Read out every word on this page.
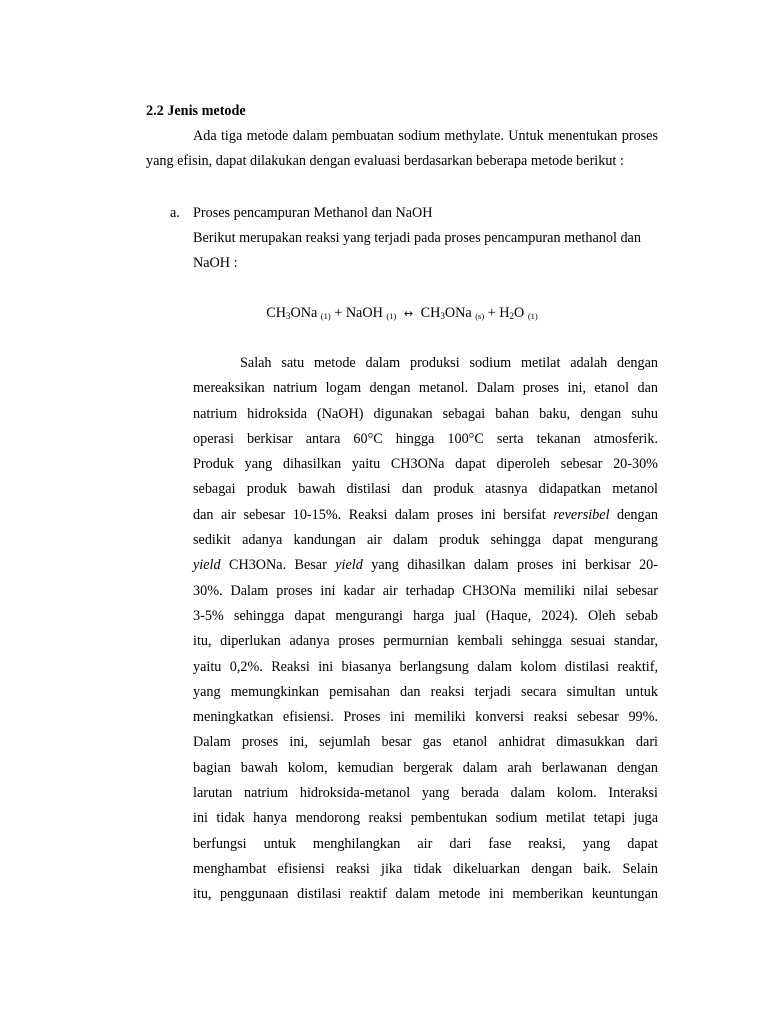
2.2 Jenis metode
Ada tiga metode dalam pembuatan sodium methylate. Untuk menentukan proses yang efisin, dapat dilakukan dengan evaluasi berdasarkan beberapa metode berikut :
a. Proses pencampuran Methanol dan NaOH
Berikut merupakan reaksi yang terjadi pada proses pencampuran methanol dan NaOH :
$CH_3ONa$ (1) + NaOH (1) ↔ $CH_3ONa$ $(s) + H_2O$ (1)
Salah satu metode dalam produksi sodium metilat adalah dengan
mereaksikan natrium logam dengan metanol. Dalam proses ini, etanol dan
natrium hidroksida (NaOH) digunakan sebagai bahan baku, dengan suhu
operasi berkisar antara 60°C hingga 100°C serta tekanan atmosferik.
Produk yang dihasilkan yaitu CH3ONa dapat diperoleh sebesar 20-30%
sebagai produk bawah distilasi dan produk atasnya didapatkan metanol
dan air sebesar 10-15%. Reaksi dalam proses ini bersifat reversibel dengan
sedikit adanya kandungan air dalam produk sehingga dapat mengurang
yield CH3ONa. Besar yield yang dihasilkan dalam proses ini berkisar 20-
30%. Dalam proses ini kadar air terhadap CH3ONa memiliki nilai sebesar
3-5% sehingga dapat mengurangi harga jual (Haque, 2024). Oleh sebab
itu, diperlukan adanya proses permurnian kembali sehingga sesuai standar,
yaitu 0,2%. Reaksi ini biasanya berlangsung dalam kolom distilasi reaktif,
yang memungkinkan pemisahan dan reaksi terjadi secara simultan untuk
meningkatkan efisiensi. Proses ini memiliki konversi reaksi sebesar 99%.
Dalam proses ini, sejumlah besar gas etanol anhidrat dimasukkan dari
bagian bawah kolom, kemudian bergerak dalam arah berlawanan dengan
larutan natrium hidroksida-metanol yang berada dalam kolom. Interaksi
ini tidak hanya mendorong reaksi pembentukan sodium metilat tetapi juga
berfungsi untuk menghilangkan air dari fase reaksi, yang dapat
menghambat efisiensi reaksi jika tidak dikeluarkan dengan baik. Selain
itu, penggunaan distilasi reaktif dalam metode ini memberikan keuntungan
